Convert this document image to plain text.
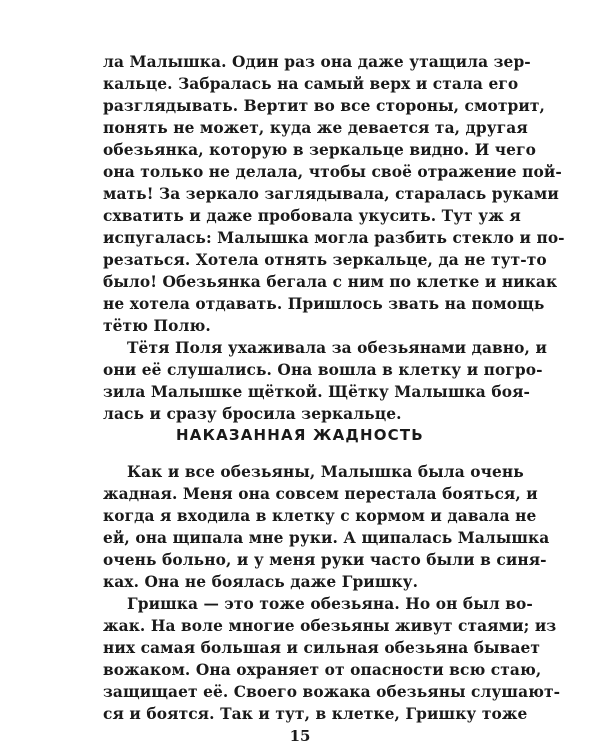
ла Малышка. Один раз она даже утащила зер-
кальце. Забралась на самый верх и стала его
разглядывать. Вертит во все стороны, смотрит,
понять не может, куда же девается та, другая
обезьянка, которую в зеркальце видно. И чего
она только не делала, чтобы своё отражение пой-
мать! За зеркало заглядывала, старалась руками
схватить и даже пробовала укусить. Тут уж я
испугалась: Малышка могла разбить стекло и по-
резаться. Хотела отнять зеркальце, да не тут-то
было! Обезьянка бегала с ним по клетке и никак
не хотела отдавать. Пришлось звать на помощь
тётю Полю.
Тётя Поля ухаживала за обезьянами давно, и
они её слушались. Она вошла в клетку и погро-
зила Малышке щёткой. Щётку Малышка боя-
лась и сразу бросила зеркальце.
НАКАЗАННАЯ ЖАДНОСТЬ
Как и все обезьяны, Малышка была очень
жадная. Меня она совсем перестала бояться, и
когда я входила в клетку с кормом и давала не
ей, она щипала мне руки. А щипалась Малышка
очень больно, и у меня руки часто были в синя-
ках. Она не боялась даже Гришку.
Гришка — это тоже обезьяна. Но он был во-
жак. На воле многие обезьяны живут стаями; из
них самая большая и сильная обезьяна бывает
вожаком. Она охраняет от опасности всю стаю,
защищает её. Своего вожака обезьяны слушают-
ся и боятся. Так и тут, в клетке, Гришку тоже
15
